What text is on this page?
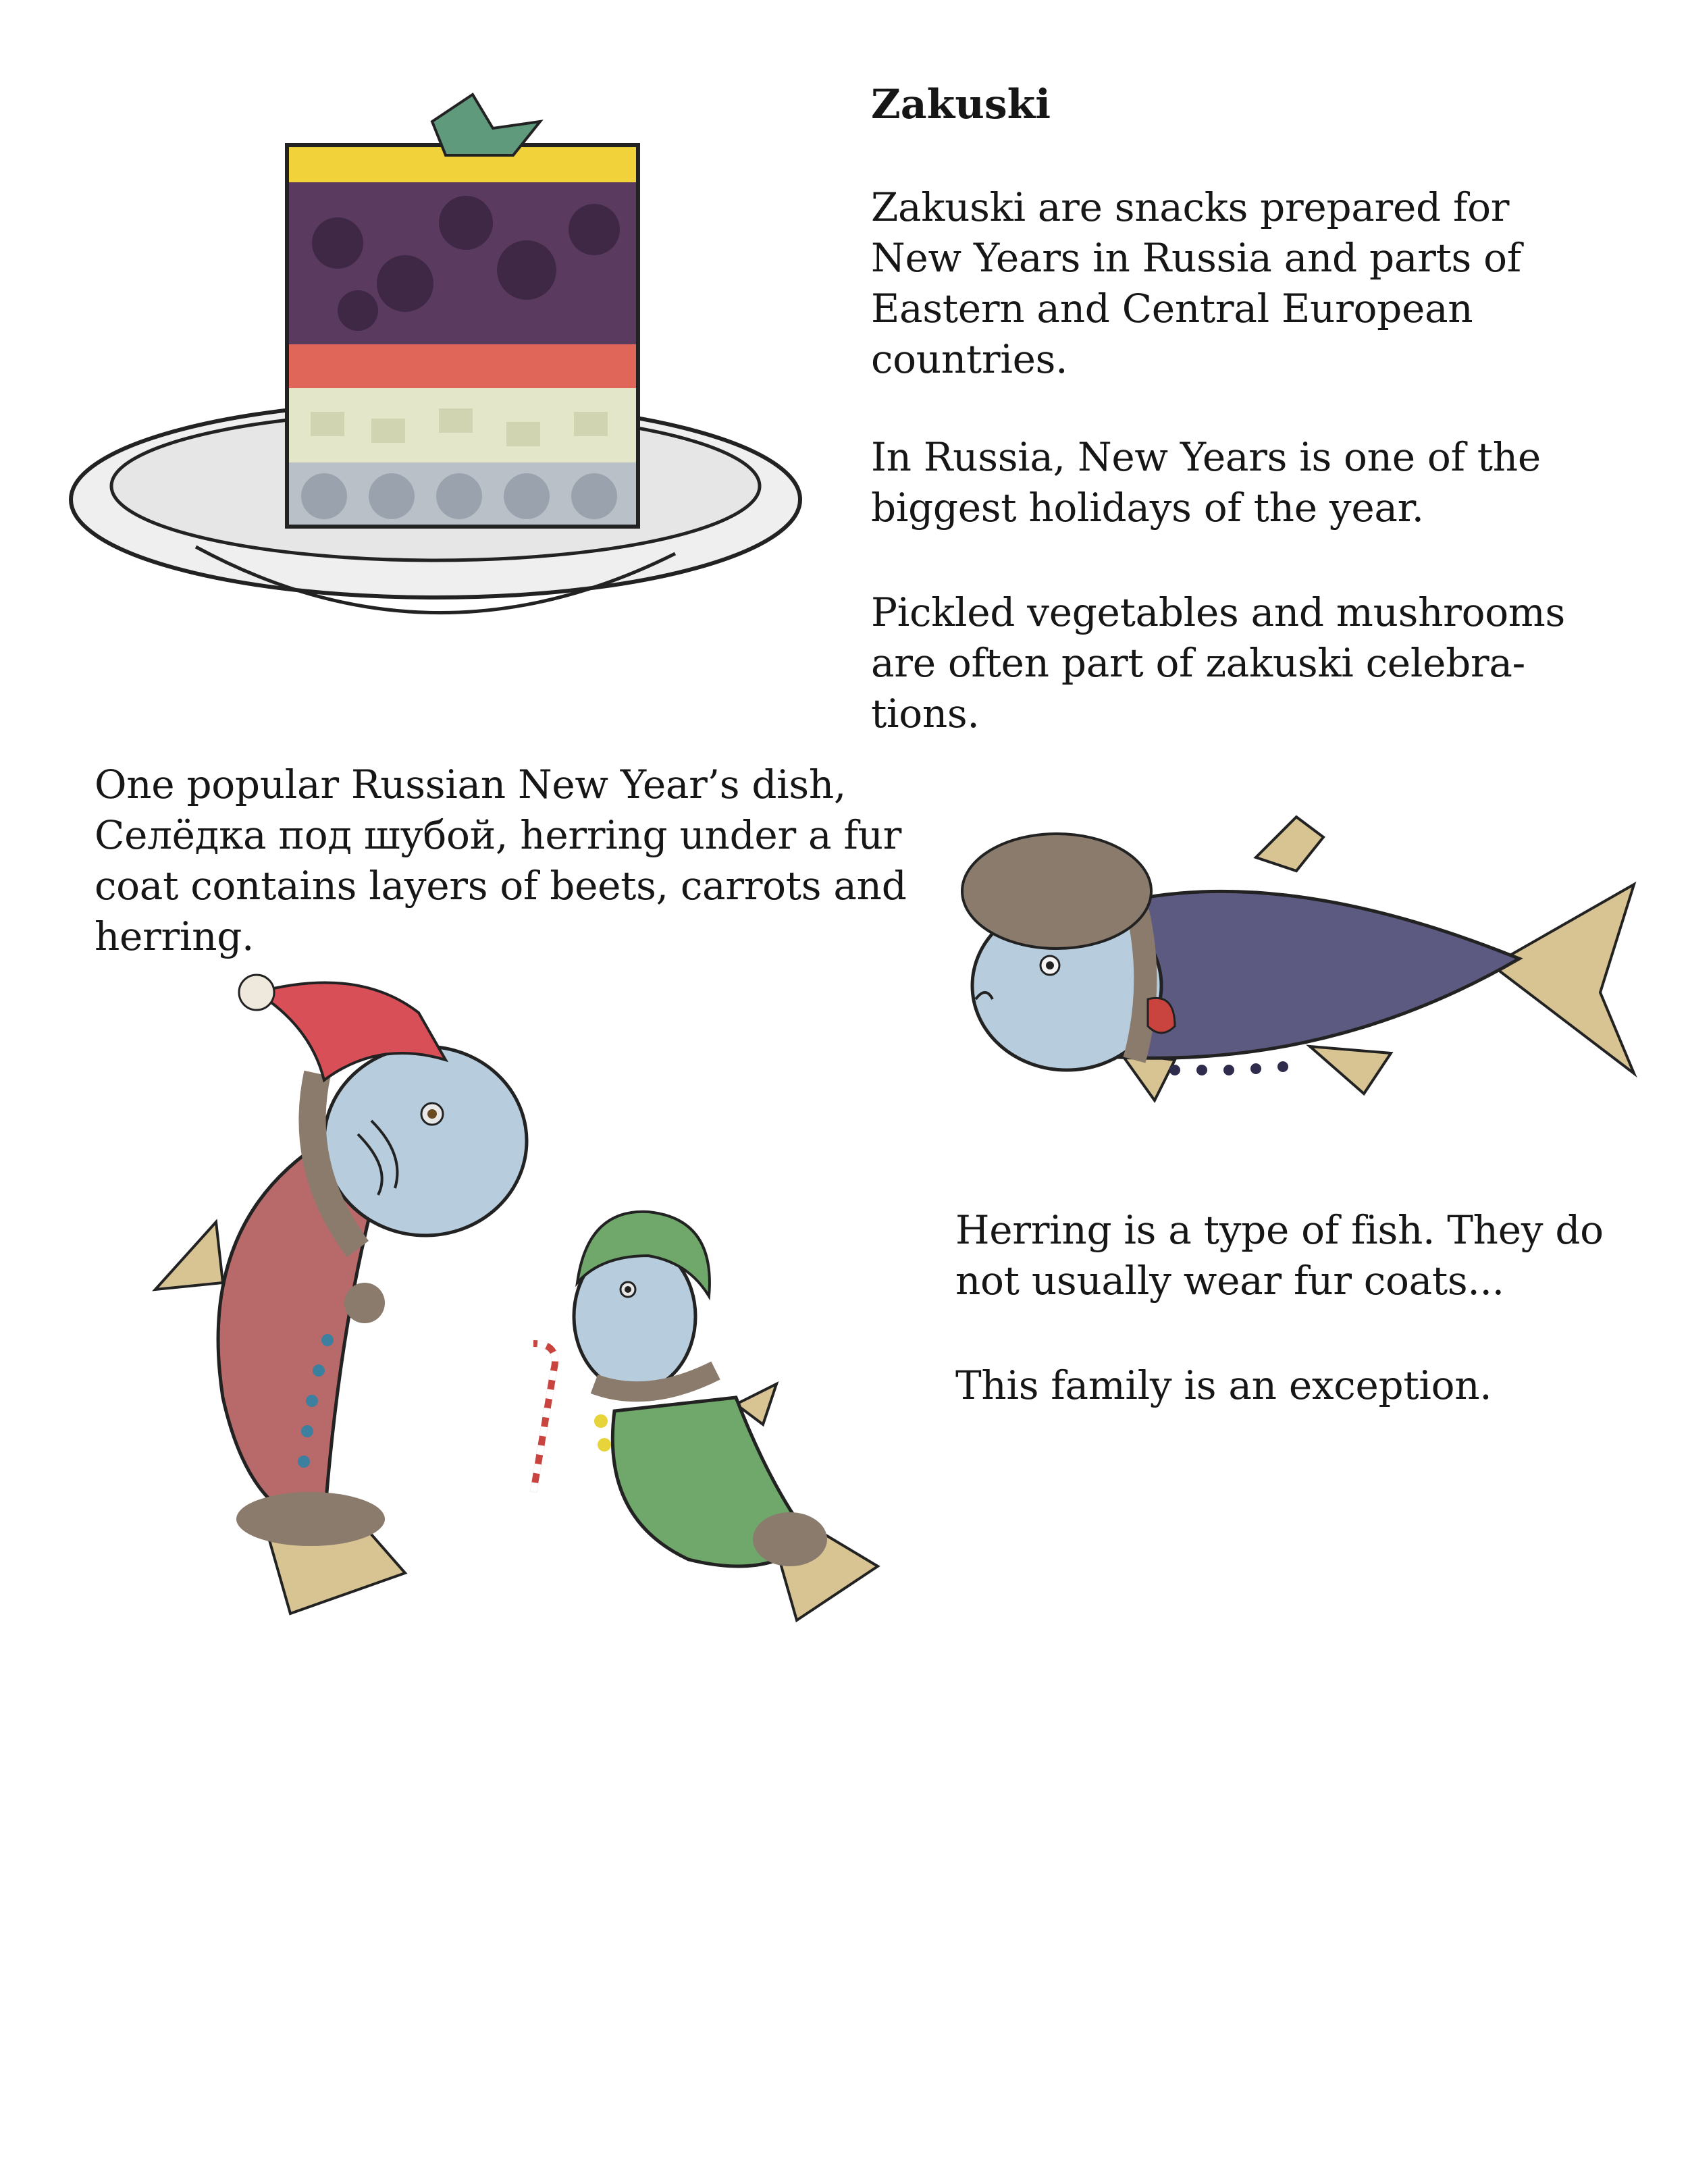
Zakuski

Zakuski are snacks prepared for
New Years in Russia and parts of
Eastern and Central European
countries.

In Russia, New Years is one of the
biggest holidays of the year.

Pickled vegetables and mushrooms
are often part of zakuski celebra-
tions.

One popular Russian New Year’s dish,
Селёдка под шубой, herring under a fur
coat contains layers of beets, carrots and
herring.

Herring is a type of fish. They do
not usually wear fur coats...

This family is an exception.
